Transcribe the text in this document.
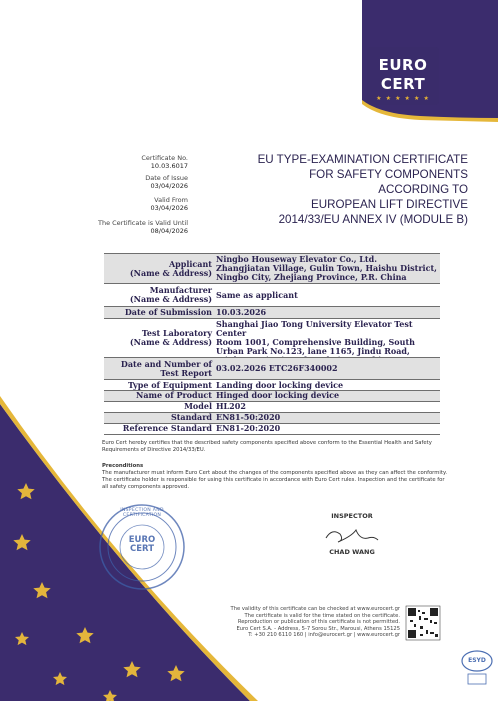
EURO
CERT
★ ★ ★ ★ ★ ★
Certificate No.
10.03.6017
Date of Issue
03/04/2026
Valid From
03/04/2026
The Certificate is Valid Until
08/04/2026
EU TYPE-EXAMINATION CERTIFICATE
FOR SAFETY COMPONENTS
ACCORDING TO
EUROPEAN LIFT DIRECTIVE
2014/33/EU ANNEX IV (MODULE B)
Applicant
(Name & Address)
Ningbo Houseway Elevator Co., Ltd.
Zhangjiatan Village, Gulin Town, Haishu District, Ningbo City, Zhejiang Province, P.R. China
Manufacturer
(Name & Address) Same as applicant
Date of Submission 10.03.2026
Test Laboratory
(Name & Address)
Shanghai Jiao Tong University Elevator Test Center
Room 1001, Comprehensive Building, South Urban Park No.123, lane 1165, Jindu Road,
Date and Number of
Test Report 03.02.2026 ETC26F340002
Type of Equipment Landing door locking device
Name of Product Hinged door locking device
Model HL202
Standard EN81-50:2020
Reference Standard EN81-20:2020
Euro Cert hereby certifies that the described safety components specified above conform to the Essential Health and Safety Requirements of Directive 2014/33/EU.
Preconditions
The manufacturer must inform Euro Cert about the changes of the components specified above as they can affect the conformity. The certificate holder is responsible for using this certificate in accordance with Euro Cert rules. Inspection and the certificate for all safety components approved.
INSPECTOR
CHAD WANG
INSPECTION AND CERTIFICATION
EURO
CERT
The validity of this certificate can be checked at www.eurocert.gr
The certificate is valid for the time stated on the certificate.
Reproduction or publication of this certificate is not permitted.
Euro Cert S.A. - Address, 5-7 Sorou Str., Marousi, Athens 15125
T: +30 210 6110 160 | info@eurocert.gr | www.eurocert.gr
ESYD
